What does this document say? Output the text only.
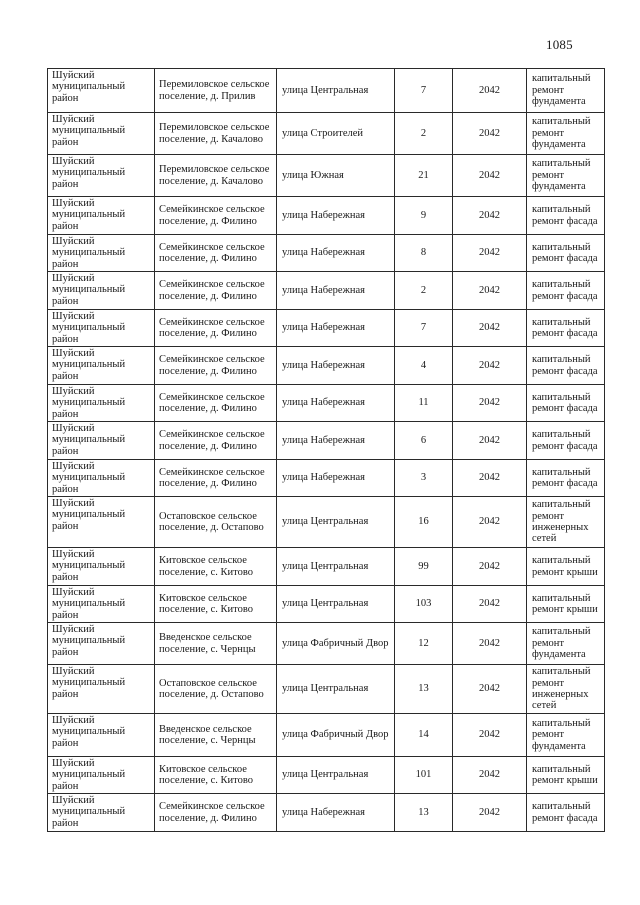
1085
Шуйский муниципальный район	Перемиловское сельское поселение, д. Прилив	улица Центральная	7	2042	капитальный ремонт фундамента
Шуйский муниципальный район	Перемиловское сельское поселение, д. Качалово	улица Строителей	2	2042	капитальный ремонт фундамента
Шуйский муниципальный район	Перемиловское сельское поселение, д. Качалово	улица Южная	21	2042	капитальный ремонт фундамента
Шуйский муниципальный район	Семейкинское сельское поселение, д. Филино	улица Набережная	9	2042	капитальный ремонт фасада
Шуйский муниципальный район	Семейкинское сельское поселение, д. Филино	улица Набережная	8	2042	капитальный ремонт фасада
Шуйский муниципальный район	Семейкинское сельское поселение, д. Филино	улица Набережная	2	2042	капитальный ремонт фасада
Шуйский муниципальный район	Семейкинское сельское поселение, д. Филино	улица Набережная	7	2042	капитальный ремонт фасада
Шуйский муниципальный район	Семейкинское сельское поселение, д. Филино	улица Набережная	4	2042	капитальный ремонт фасада
Шуйский муниципальный район	Семейкинское сельское поселение, д. Филино	улица Набережная	11	2042	капитальный ремонт фасада
Шуйский муниципальный район	Семейкинское сельское поселение, д. Филино	улица Набережная	6	2042	капитальный ремонт фасада
Шуйский муниципальный район	Семейкинское сельское поселение, д. Филино	улица Набережная	3	2042	капитальный ремонт фасада
Шуйский муниципальный район	Остаповское сельское поселение, д. Остапово	улица Центральная	16	2042	капитальный ремонт инженерных сетей
Шуйский муниципальный район	Китовское сельское поселение, с. Китово	улица Центральная	99	2042	капитальный ремонт крыши
Шуйский муниципальный район	Китовское сельское поселение, с. Китово	улица Центральная	103	2042	капитальный ремонт крыши
Шуйский муниципальный район	Введенское сельское поселение, с. Чернцы	улица Фабричный Двор	12	2042	капитальный ремонт фундамента
Шуйский муниципальный район	Остаповское сельское поселение, д. Остапово	улица Центральная	13	2042	капитальный ремонт инженерных сетей
Шуйский муниципальный район	Введенское сельское поселение, с. Чернцы	улица Фабричный Двор	14	2042	капитальный ремонт фундамента
Шуйский муниципальный район	Китовское сельское поселение, с. Китово	улица Центральная	101	2042	капитальный ремонт крыши
Шуйский муниципальный район	Семейкинское сельское поселение, д. Филино	улица Набережная	13	2042	капитальный ремонт фасада
